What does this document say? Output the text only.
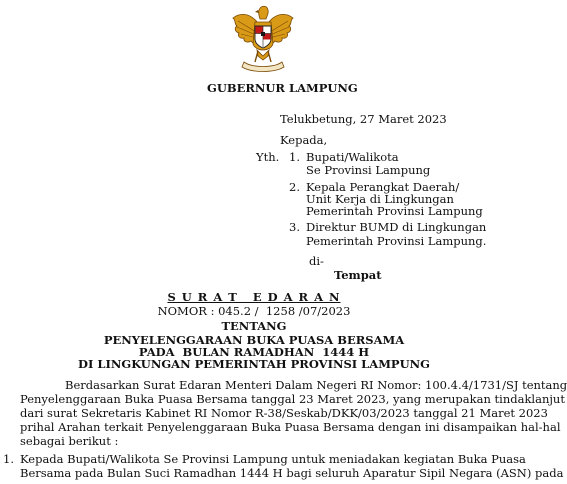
GUBERNUR LAMPUNG
Telukbetung, 27 Maret 2023
Kepada,
Yth. 1. Bupati/Walikota
Se Provinsi Lampung
2. Kepala Perangkat Daerah/
Unit Kerja di Lingkungan
Pemerintah Provinsi Lampung
3. Direktur BUMD di Lingkungan
Pemerintah Provinsi Lampung.
di-
Tempat
S U R A T   E D A R A N
NOMOR : 045.2 /  1258 /07/2023
TENTANG
PENYELENGGARAAN BUKA PUASA BERSAMA
PADA  BULAN RAMADHAN  1444 H
DI LINGKUNGAN PEMERINTAH PROVINSI LAMPUNG
Berdasarkan Surat Edaran Menteri Dalam Negeri RI Nomor: 100.4.4/1731/SJ tentang
Penyelenggaraan Buka Puasa Bersama tanggal 23 Maret 2023, yang merupakan tindaklanjut
dari surat Sekretaris Kabinet RI Nomor R-38/Seskab/DKK/03/2023 tanggal 21 Maret 2023
prihal Arahan terkait Penyelenggaraan Buka Puasa Bersama dengan ini disampaikan hal-hal
sebagai berikut :
1. Kepada Bupati/Walikota Se Provinsi Lampung untuk meniadakan kegiatan Buka Puasa
Bersama pada Bulan Suci Ramadhan 1444 H bagi seluruh Aparatur Sipil Negara (ASN) pada
